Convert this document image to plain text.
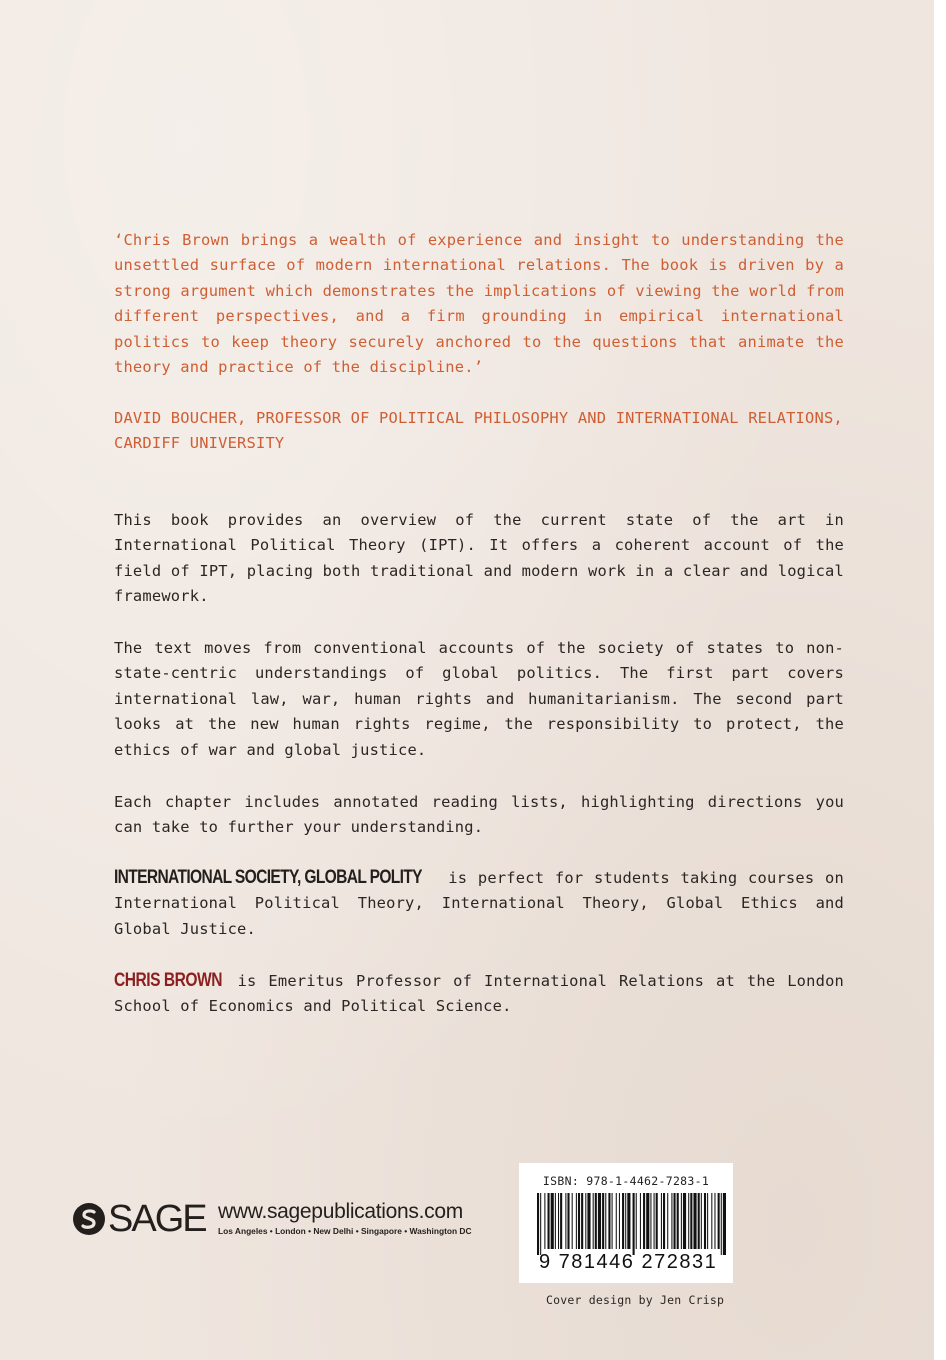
‘Chris Brown brings a wealth of experience and insight to understanding the unsettled surface of modern international relations. The book is driven by a strong argument which demonstrates the implications of viewing the world from different perspectives, and a firm grounding in empirical international politics to keep theory securely anchored to the questions that animate the theory and practice of the discipline.’

DAVID BOUCHER, PROFESSOR OF POLITICAL PHILOSOPHY AND INTERNATIONAL RELATIONS, CARDIFF UNIVERSITY

This book provides an overview of the current state of the art in International Political Theory (IPT). It offers a coherent account of the field of IPT, placing both traditional and modern work in a clear and logical framework.

The text moves from conventional accounts of the society of states to non-state-centric understandings of global politics. The first part covers international law, war, human rights and humanitarianism. The second part looks at the new human rights regime, the responsibility to protect, the ethics of war and global justice.

Each chapter includes annotated reading lists, highlighting directions you can take to further your understanding.

INTERNATIONAL SOCIETY, GLOBAL POLITY is perfect for students taking courses on International Political Theory, International Theory, Global Ethics and Global Justice.

CHRIS BROWN is Emeritus Professor of International Relations at the London School of Economics and Political Science.

SAGE www.sagepublications.com
Los Angeles • London • New Delhi • Singapore • Washington DC
ISBN: 978-1-4462-7283-1
9 781446 272831
Cover design by Jen Crisp
